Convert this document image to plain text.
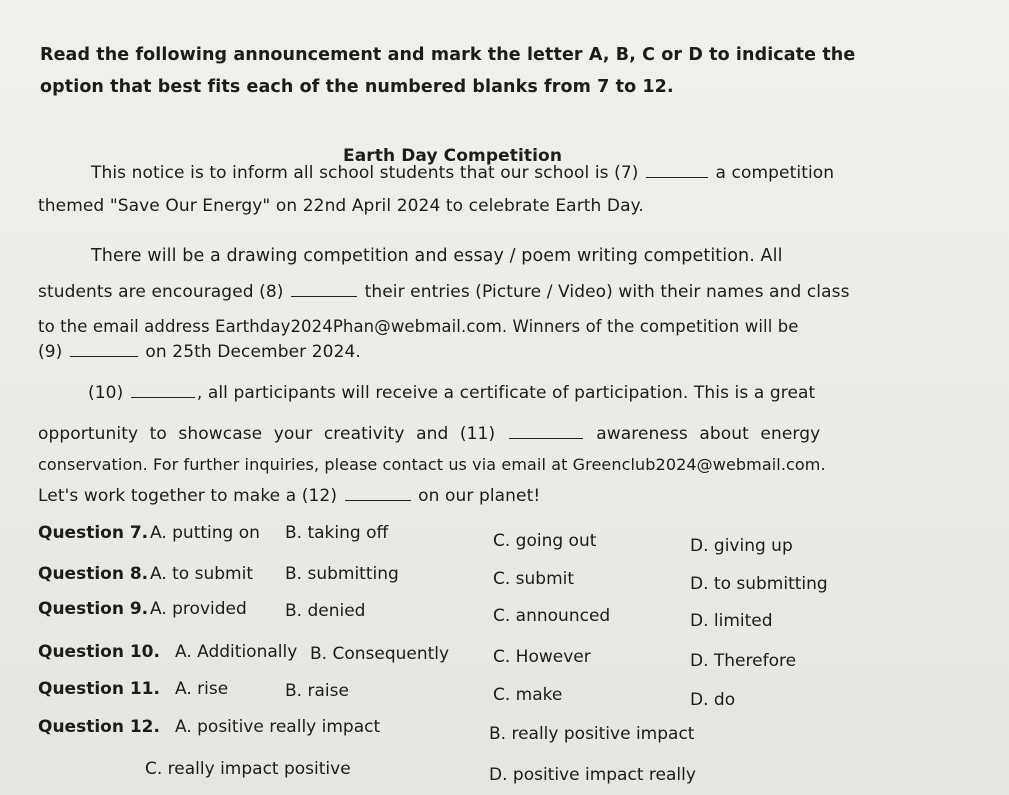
Read the following announcement and mark the letter A, B, C or D to indicate the
option that best fits each of the numbered blanks from 7 to 12.
Earth Day Competition
This notice is to inform all school students that our school is (7)	a competition
themed "Save Our Energy" on 22nd April 2024 to celebrate Earth Day.
There will be a drawing competition and essay / poem writing competition. All
students are encouraged (8)	their entries (Picture / Video) with their names and class
to the email address Earthday2024Phan@webmail.com. Winners of the competition will be
(9)	on 25th December 2024.
(10)	, all participants will receive a certificate of participation. This is a great
opportunity to showcase your creativity and (11)	awareness about energy
conservation. For further inquiries, please contact us via email at Greenclub2024@webmail.com.
Let's work together to make a (12)	on our planet!
Question 7. A. putting on B. taking off	C. going out	D. giving up
Question 8. A. to submit B. submitting	C. submit	D. to submitting
Question 9. A. provided B. denied	C. announced	D. limited
Question 10. A. Additionally B. Consequently	C. However	D. Therefore
Question 11. A. rise	B. raise	C. make	D. do
Question 12. A. positive really impact	B. really positive impact
C. really impact positive	D. positive impact really
